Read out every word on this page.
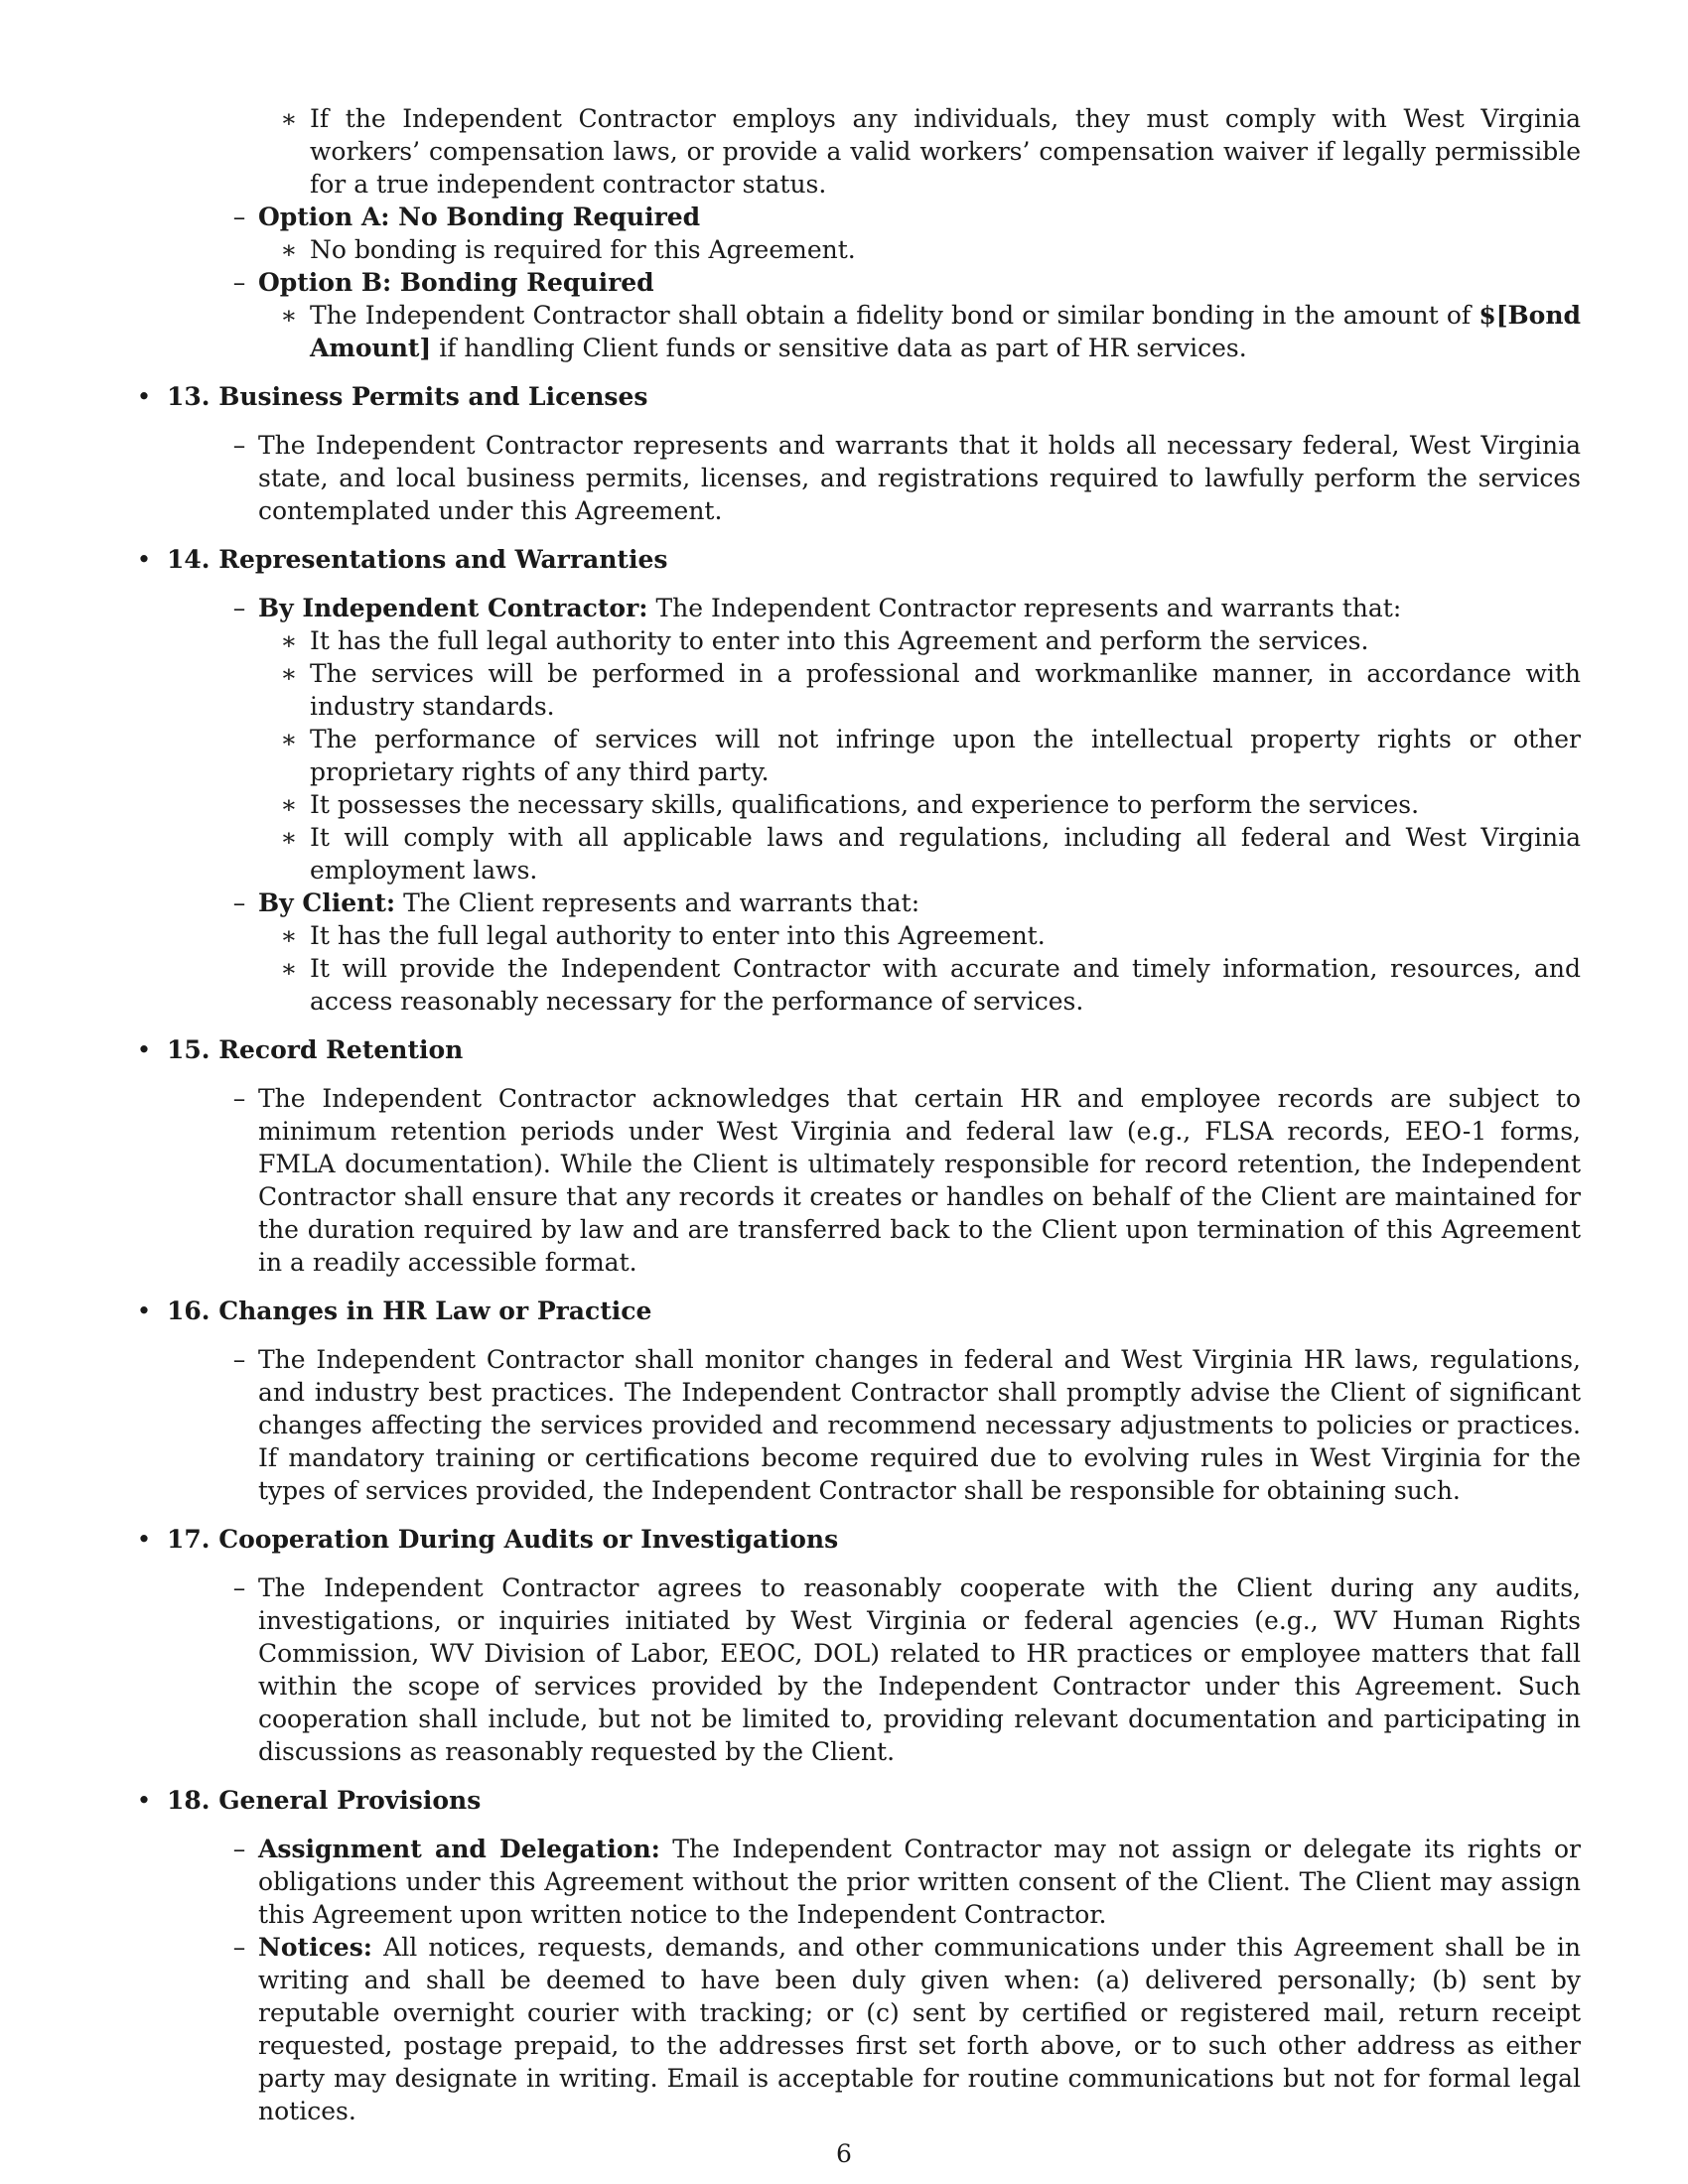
∗ If the Independent Contractor employs any individuals, they must comply with West Virginia workers’ compensation laws, or provide a valid workers’ compensation waiver if legally permissible for a true independent contractor status.
– Option A: No Bonding Required
∗ No bonding is required for this Agreement.
– Option B: Bonding Required
∗ The Independent Contractor shall obtain a fidelity bond or similar bonding in the amount of $[Bond Amount] if handling Client funds or sensitive data as part of HR services.
• 13. Business Permits and Licenses
– The Independent Contractor represents and warrants that it holds all necessary federal, West Virginia state, and local business permits, licenses, and registrations required to lawfully perform the services contemplated under this Agreement.
• 14. Representations and Warranties
– By Independent Contractor: The Independent Contractor represents and warrants that:
∗ It has the full legal authority to enter into this Agreement and perform the services.
∗ The services will be performed in a professional and workmanlike manner, in accordance with industry standards.
∗ The performance of services will not infringe upon the intellectual property rights or other proprietary rights of any third party.
∗ It possesses the necessary skills, qualifications, and experience to perform the services.
∗ It will comply with all applicable laws and regulations, including all federal and West Virginia employment laws.
– By Client: The Client represents and warrants that:
∗ It has the full legal authority to enter into this Agreement.
∗ It will provide the Independent Contractor with accurate and timely information, resources, and access reasonably necessary for the performance of services.
• 15. Record Retention
– The Independent Contractor acknowledges that certain HR and employee records are subject to minimum retention periods under West Virginia and federal law (e.g., FLSA records, EEO-1 forms, FMLA documentation). While the Client is ultimately responsible for record retention, the Independent Contractor shall ensure that any records it creates or handles on behalf of the Client are maintained for the duration required by law and are transferred back to the Client upon termination of this Agreement in a readily accessible format.
• 16. Changes in HR Law or Practice
– The Independent Contractor shall monitor changes in federal and West Virginia HR laws, regulations, and industry best practices. The Independent Contractor shall promptly advise the Client of significant changes affecting the services provided and recommend necessary adjustments to policies or practices. If mandatory training or certifications become required due to evolving rules in West Virginia for the types of services provided, the Independent Contractor shall be responsible for obtaining such.
• 17. Cooperation During Audits or Investigations
– The Independent Contractor agrees to reasonably cooperate with the Client during any audits, investigations, or inquiries initiated by West Virginia or federal agencies (e.g., WV Human Rights Commission, WV Division of Labor, EEOC, DOL) related to HR practices or employee matters that fall within the scope of services provided by the Independent Contractor under this Agreement. Such cooperation shall include, but not be limited to, providing relevant documentation and participating in discussions as reasonably requested by the Client.
• 18. General Provisions
– Assignment and Delegation: The Independent Contractor may not assign or delegate its rights or obligations under this Agreement without the prior written consent of the Client. The Client may assign this Agreement upon written notice to the Independent Contractor.
– Notices: All notices, requests, demands, and other communications under this Agreement shall be in writing and shall be deemed to have been duly given when: (a) delivered personally; (b) sent by reputable overnight courier with tracking; or (c) sent by certified or registered mail, return receipt requested, postage prepaid, to the addresses first set forth above, or to such other address as either party may designate in writing. Email is acceptable for routine communications but not for formal legal notices.
6
